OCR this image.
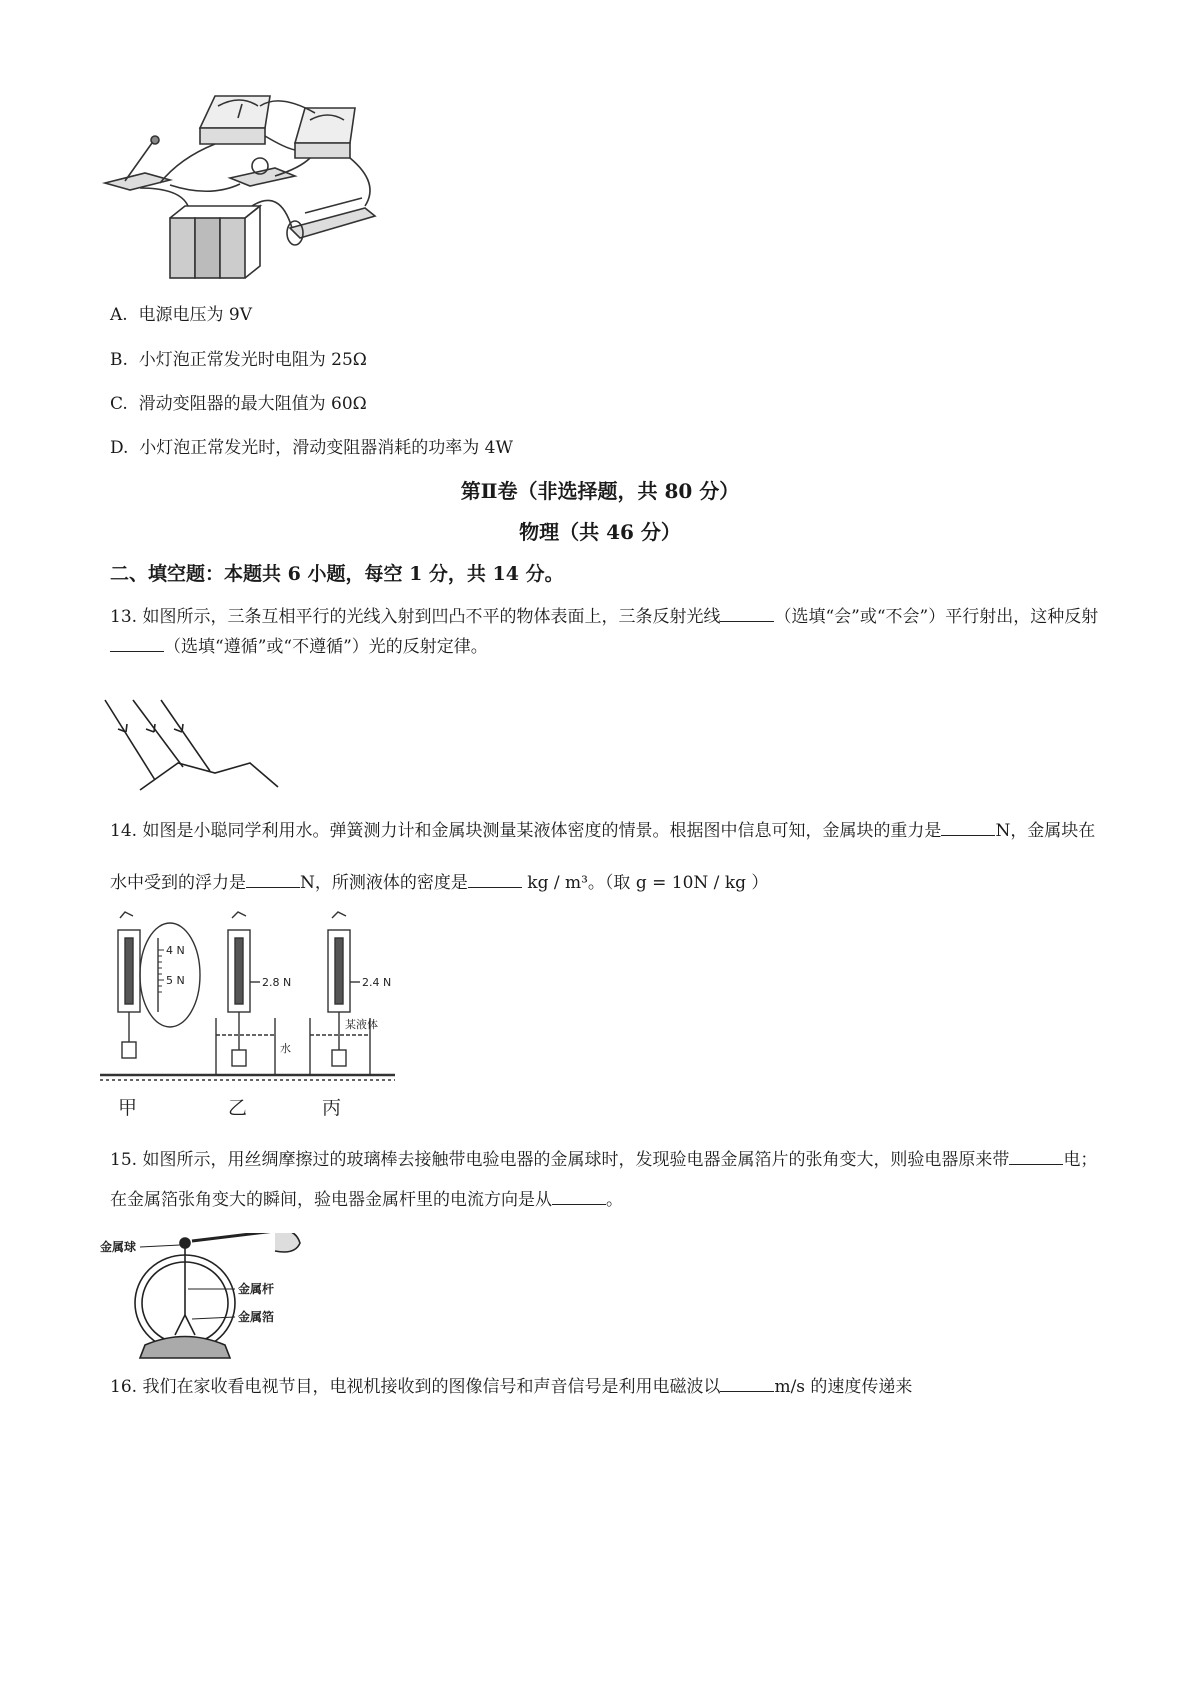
A. 电源电压为 9V
B. 小灯泡正常发光时电阻为 25Ω
C. 滑动变阻器的最大阻值为 60Ω
D. 小灯泡正常发光时，滑动变阻器消耗的功率为 4W
第Ⅱ卷（非选择题，共 80 分）
物理（共 46 分）
二、填空题：本题共 6 小题，每空 1 分，共 14 分。
13. 如图所示，三条互相平行的光线入射到凹凸不平的物体表面上，三条反射光线	（选填“会”或“不会”）平行射出，这种反射（选填“遵循”或“不遵循”）光的反射定律。
14. 如图是小聪同学利用水。弹簧测力计和金属块测量某液体密度的情景。根据图中信息可知，金属块的重力是	N，金属块在水中受到的浮力是	N，所测液体的密度是	kg / m³。（取 g = 10N / kg ）
4 N
5 N	2.8 N	2.4 N
水
某液体
甲	乙	丙
15. 如图所示，用丝绸摩擦过的玻璃棒去接触带电验电器的金属球时，发现验电器金属箔片的张角变大，则验电器原来带	电；在金属箔张角变大的瞬间，验电器金属杆里的电流方向是从	。
金属球
金属杆
金属箔
16. 我们在家收看电视节目，电视机接收到的图像信号和声音信号是利用电磁波以	m/s 的速度传递来
